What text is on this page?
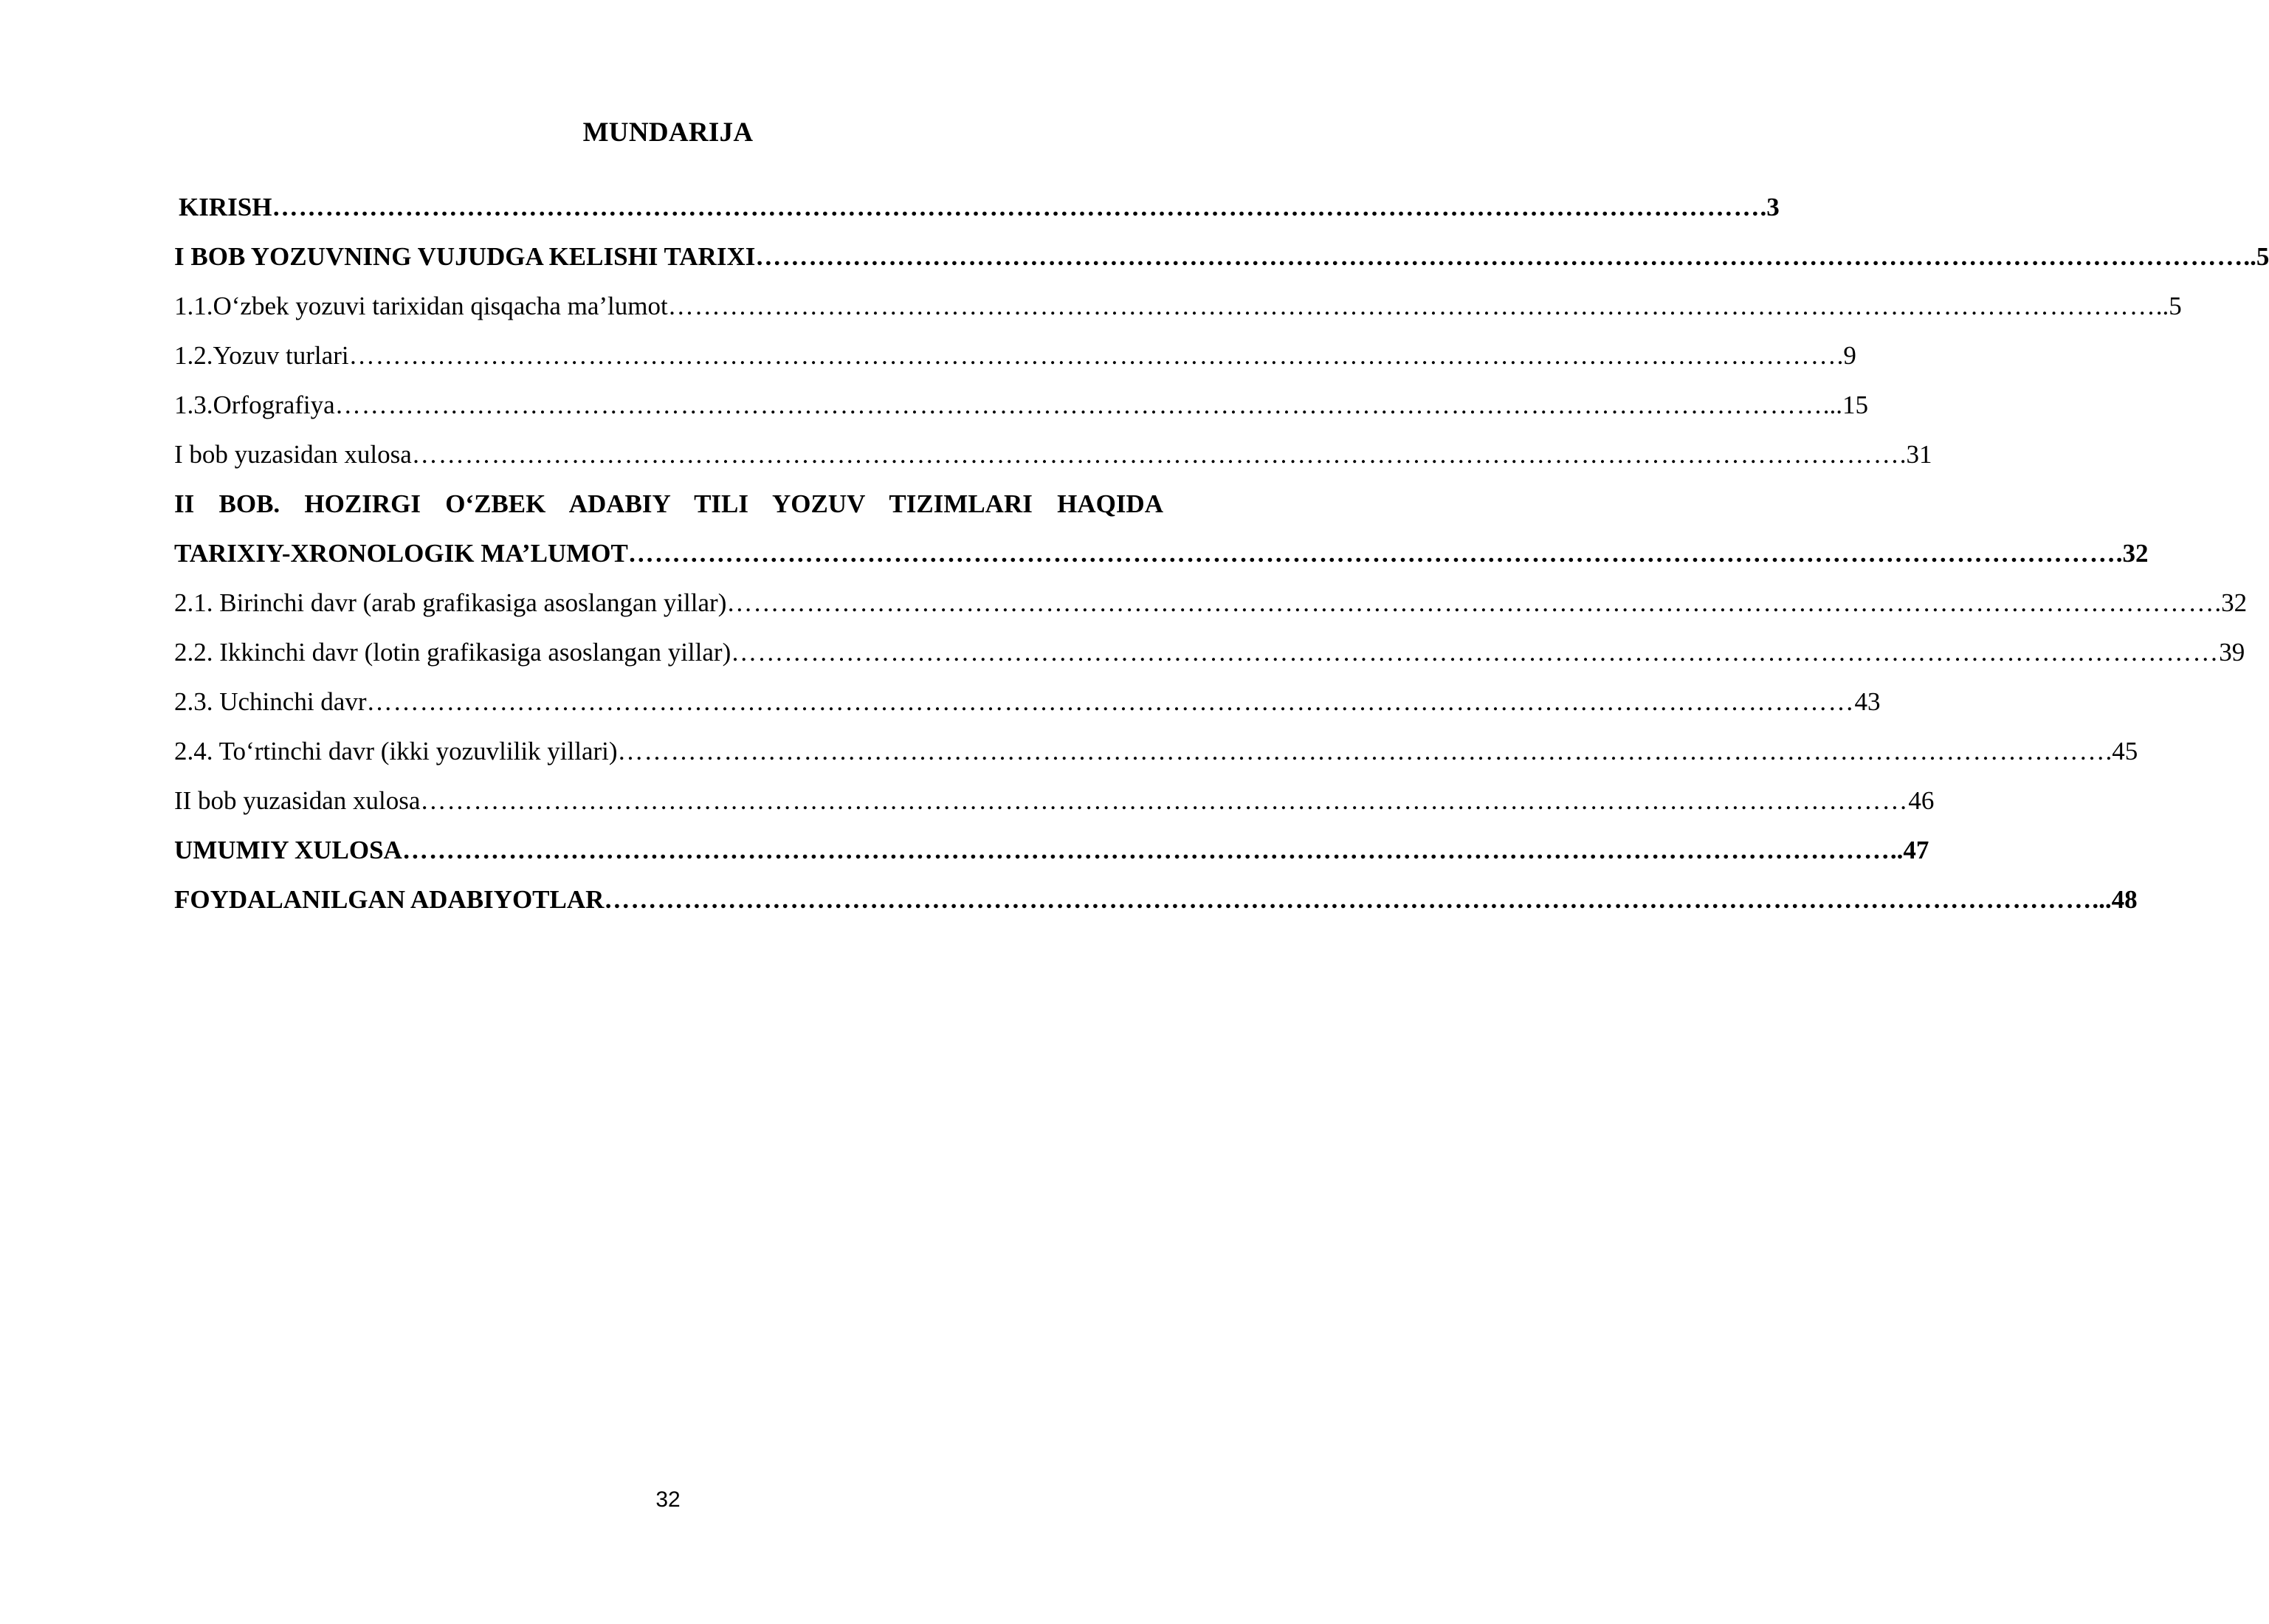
MUNDARIJA
KIRISH …………………………………………………………………………………………………………………………………………………… .3
I BOB YOZUVNING VUJUDGA KELISHI TARIXI …………………………………………………………………………………………………………………………………………………… ..5
1.1.O‘zbek yozuvi tarixidan qisqacha ma’lumot …………………………………………………………………………………………………………………………………………………… ..5
1.2.Yozuv turlari …………………………………………………………………………………………………………………………………………………… .9
1.3.Orfografiya …………………………………………………………………………………………………………………………………………………… ...15
I bob yuzasidan xulosa …………………………………………………………………………………………………………………………………………………… .31
II BOB. HOZIRGI O‘ZBEK ADABIY TILI YOZUV TIZIMLARI HAQIDA
TARIXIY-XRONOLOGIK MA’LUMOT …………………………………………………………………………………………………………………………………………………… .32
2.1. Birinchi davr (arab grafikasiga asoslangan yillar) …………………………………………………………………………………………………………………………………………………… .32
2.2. Ikkinchi davr (lotin grafikasiga asoslangan yillar) …………………………………………………………………………………………………………………………………………………… 39
2.3. Uchinchi davr …………………………………………………………………………………………………………………………………………………… 43
2.4. To‘rtinchi davr (ikki yozuvlilik yillari) …………………………………………………………………………………………………………………………………………………… .45
II bob yuzasidan xulosa …………………………………………………………………………………………………………………………………………………… 46
UMUMIY XULOSA …………………………………………………………………………………………………………………………………………………… ..47
FOYDALANILGAN ADABIYOTLAR …………………………………………………………………………………………………………………………………………………… ...48
32
